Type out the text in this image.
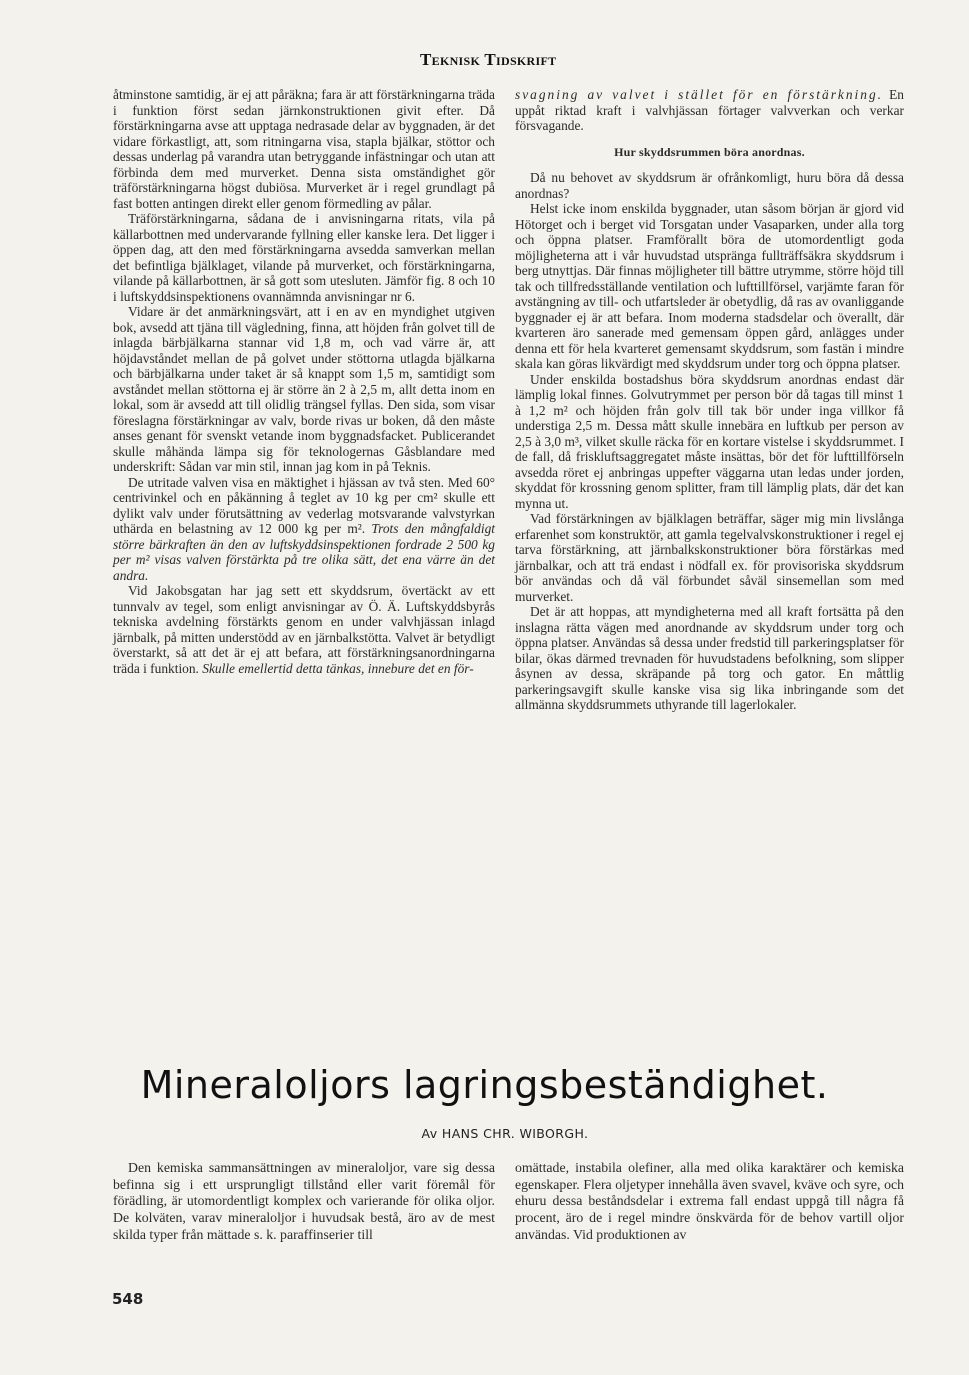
Teknisk Tidskrift

åtminstone samtidig, är ej att påräkna; fara är att förstärkningarna träda i funktion först sedan järnkonstruktionen givit efter. Då förstärkningarna avse att upptaga nedrasade delar av byggnaden, är det vidare förkastligt, att, som ritningarna visa, stapla bjälkar, stöttor och dessas underlag på varandra utan betryggande infästningar och utan att förbinda dem med murverket. Denna sista omständighet gör träförstärkningarna högst dubiösa. Murverket är i regel grundlagt på fast botten antingen direkt eller genom förmedling av pålar.

Träförstärkningarna, sådana de i anvisningarna ritats, vila på källarbottnen med undervarande fyllning eller kanske lera. Det ligger i öppen dag, att den med förstärkningarna avsedda samverkan mellan det befintliga bjälklaget, vilande på murverket, och förstärkningarna, vilande på källarbottnen, är så gott som utesluten. Jämför fig. 8 och 10 i luftskyddsinspektionens ovannämnda anvisningar nr 6.

Vidare är det anmärkningsvärt, att i en av en myndighet utgiven bok, avsedd att tjäna till vägledning, finna, att höjden från golvet till de inlagda bärbjälkarna stannar vid 1,8 m, och vad värre är, att höjdavståndet mellan de på golvet under stöttorna utlagda bjälkarna och bärbjälkarna under taket är så knappt som 1,5 m, samtidigt som avståndet mellan stöttorna ej är större än 2 à 2,5 m, allt detta inom en lokal, som är avsedd att till olidlig trängsel fyllas. Den sida, som visar föreslagna förstärkningar av valv, borde rivas ur boken, då den måste anses genant för svenskt vetande inom byggnadsfacket. Publicerandet skulle måhända lämpa sig för teknologernas Gåsblandare med underskrift: Sådan var min stil, innan jag kom in på Teknis.

De utritade valven visa en mäktighet i hjässan av två sten. Med 60° centrivinkel och en påkänning å teglet av 10 kg per cm² skulle ett dylikt valv under förutsättning av vederlag motsvarande valvstyrkan uthärda en belastning av 12 000 kg per m². Trots den mångfaldigt större bärkraften än den av luftskyddsinspektionen fordrade 2 500 kg per m² visas valven förstärkta på tre olika sätt, det ena värre än det andra.

Vid Jakobsgatan har jag sett ett skyddsrum, övertäckt av ett tunnvalv av tegel, som enligt anvisningar av Ö. Ä. Luftskyddsbyrås tekniska avdelning förstärkts genom en under valvhjässan inlagd järnbalk, på mitten understödd av en järnbalkstötta. Valvet är betydligt överstarkt, så att det är ej att befara, att förstärkningsanordningarna träda i funktion. Skulle emellertid detta tänkas, innebure det en för-

svagning av valvet i stället för en förstärkning. En uppåt riktad kraft i valvhjässan förtager valvverkan och verkar försvagande.

Hur skyddsrummen böra anordnas.

Då nu behovet av skyddsrum är ofrånkomligt, huru böra då dessa anordnas?

Helst icke inom enskilda byggnader, utan såsom början är gjord vid Hötorget och i berget vid Torsgatan under Vasaparken, under alla torg och öppna platser. Framförallt böra de utomordentligt goda möjligheterna att i vår huvudstad utsprängа fullträffsäkra skyddsrum i berg utnyttjas. Där finnas möjligheter till bättre utrymme, större höjd till tak och tillfredsställande ventilation och lufttillförsel, varjämte faran för avstängning av till- och utfartsleder är obetydlig, då ras av ovanliggande byggnader ej är att befara. Inom moderna stadsdelar och överallt, där kvarteren äro sanerade med gemensam öppen gård, anlägges under denna ett för hela kvarteret gemensamt skyddsrum, som fastän i mindre skala kan göras likvärdigt med skyddsrum under torg och öppna platser.

Under enskilda bostadshus böra skyddsrum anordnas endast där lämplig lokal finnes. Golvutrymmet per person bör då tagas till minst 1 à 1,2 m² och höjden från golv till tak bör under inga villkor få understiga 2,5 m. Dessa mått skulle innebära en luftkub per person av 2,5 à 3,0 m³, vilket skulle räcka för en kortare vistelse i skyddsrummet. I de fall, då friskluftsaggregatet måste insättas, bör det för lufttillförseln avsedda röret ej anbringas uppefter väggarna utan ledas under jorden, skyddat för krossning genom splitter, fram till lämplig plats, där det kan mynna ut.

Vad förstärkningen av bjälklagen beträffar, säger mig min livslånga erfarenhet som konstruktör, att gamla tegelvalvskonstruktioner i regel ej tarva förstärkning, att järnbalkskonstruktioner böra förstärkas med järnbalkar, och att trä endast i nödfall ex. för provisoriska skyddsrum bör användas och då väl förbundet såväl sinsemellan som med murverket.

Det är att hoppas, att myndigheterna med all kraft fortsätta på den inslagna rätta vägen med anordnande av skyddsrum under torg och öppna platser. Användas så dessa under fredstid till parkeringsplatser för bilar, ökas därmed trevnaden för huvudstadens befolkning, som slipper åsynen av dessa, skräpande på torg och gator. En måttlig parkeringsavgift skulle kanske visa sig lika inbringande som det allmänna skyddsrummets uthyrande till lagerlokaler.

Mineraloljors lagringsbeständighet.
Av HANS CHR. WIBORGH.

Den kemiska sammansättningen av mineraloljor, vare sig dessa befinna sig i ett ursprungligt tillstånd eller varit föremål för förädling, är utomordentligt komplex och varierande för olika oljor. De kolväten, varav mineraloljor i huvudsak bestå, äro av de mest skilda typer från mättade s. k. paraffinserier till

omättade, instabila olefiner, alla med olika karaktärer och kemiska egenskaper. Flera oljetyper innehålla även svavel, kväve och syre, och ehuru dessa beståndsdelar i extrema fall endast uppgå till några få procent, äro de i regel mindre önskvärda för de behov vartill oljor användas. Vid produktionen av

548
